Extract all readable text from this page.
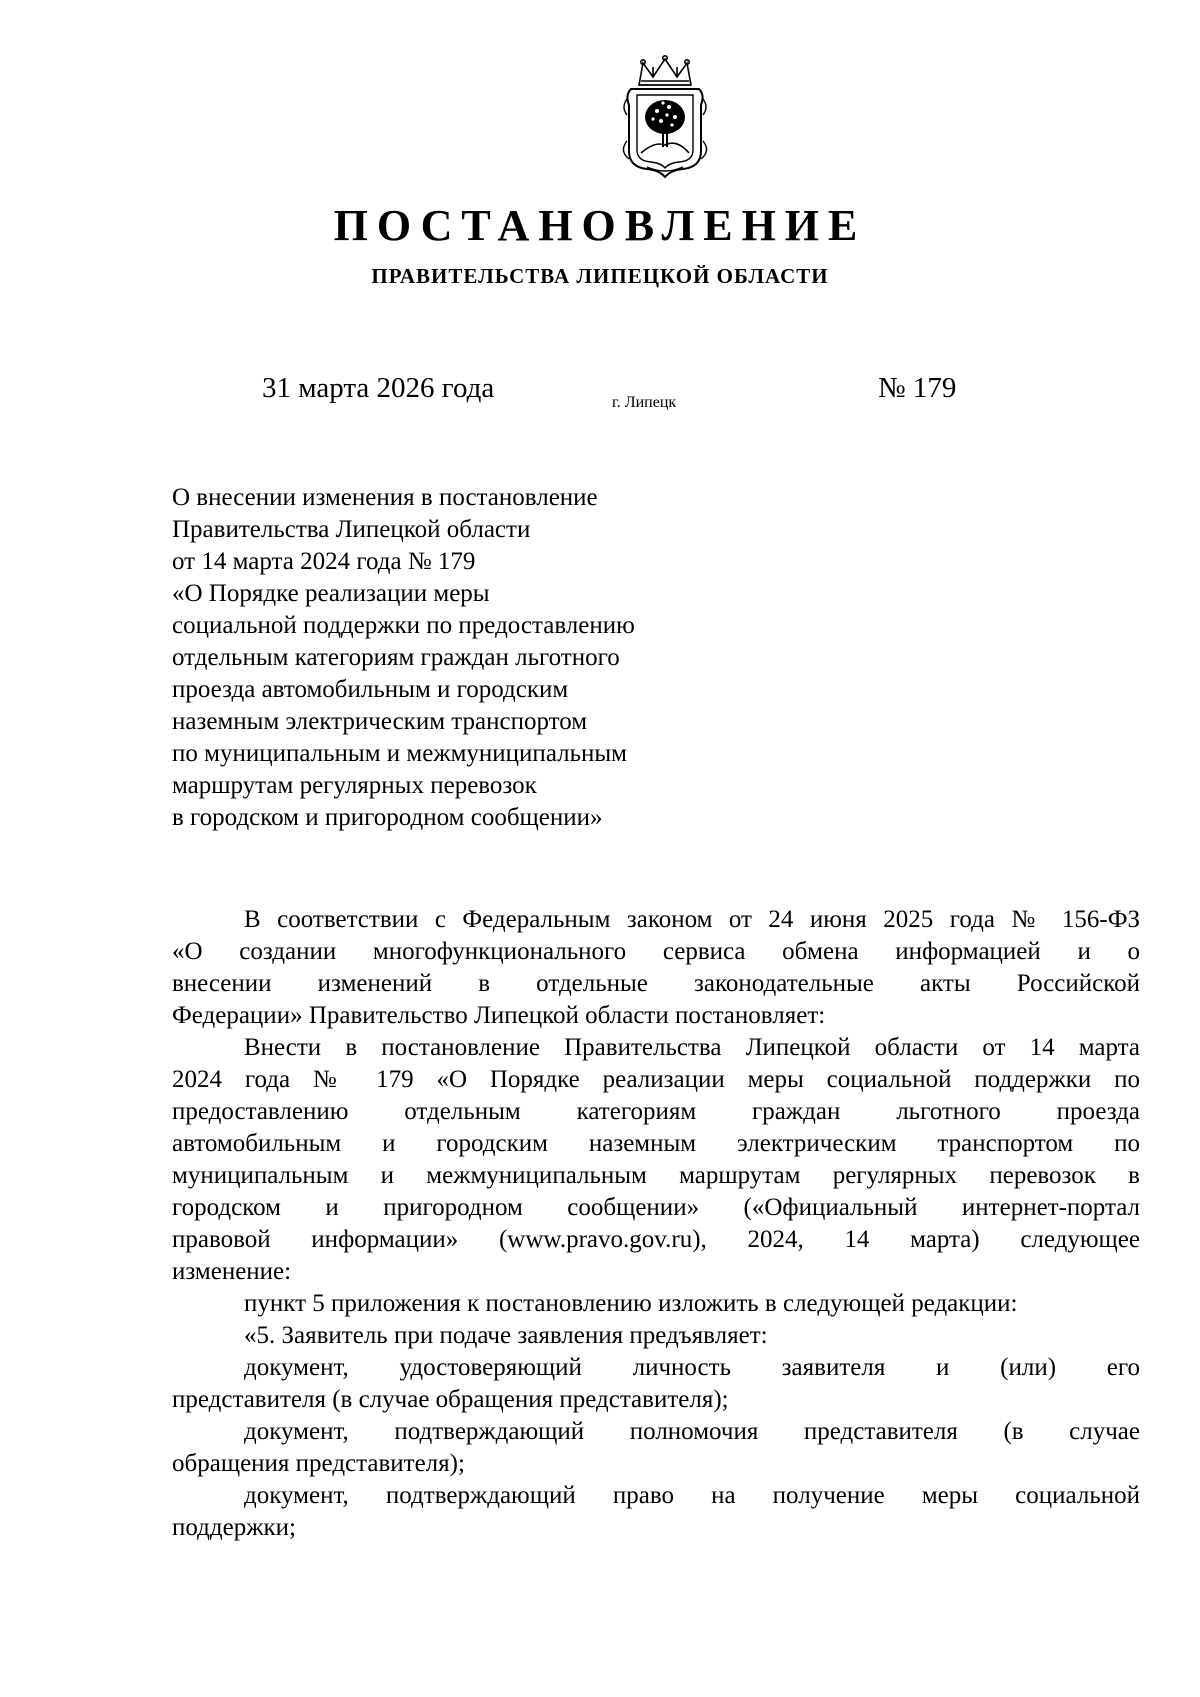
ПОСТАНОВЛЕНИЕ
ПРАВИТЕЛЬСТВА ЛИПЕЦКОЙ ОБЛАСТИ
31 марта 2026 года	г. Липецк	№ 179
О внесении изменения в постановление
Правительства Липецкой области
от 14 марта 2024 года № 179
«О Порядке реализации меры
социальной поддержки по предоставлению
отдельным категориям граждан льготного
проезда автомобильным и городским
наземным электрическим транспортом
по муниципальным и межмуниципальным
маршрутам регулярных перевозок
в городском и пригородном сообщении»
В соответствии с Федеральным законом от 24 июня 2025 года № 156-ФЗ
«О создании многофункционального сервиса обмена информацией и о
внесении изменений в отдельные законодательные акты Российской
Федерации» Правительство Липецкой области постановляет:
Внести в постановление Правительства Липецкой области от 14 марта
2024 года № 179 «О Порядке реализации меры социальной поддержки по
предоставлению отдельным категориям граждан льготного проезда
автомобильным и городским наземным электрическим транспортом по
муниципальным и межмуниципальным маршрутам регулярных перевозок в
городском и пригородном сообщении» («Официальный интернет-портал
правовой информации» (www.pravo.gov.ru), 2024, 14 марта) следующее
изменение:
пункт 5 приложения к постановлению изложить в следующей редакции:
«5. Заявитель при подаче заявления предъявляет:
документ, удостоверяющий личность заявителя и (или) его
представителя (в случае обращения представителя);
документ, подтверждающий полномочия представителя (в случае
обращения представителя);
документ, подтверждающий право на получение меры социальной
поддержки;
